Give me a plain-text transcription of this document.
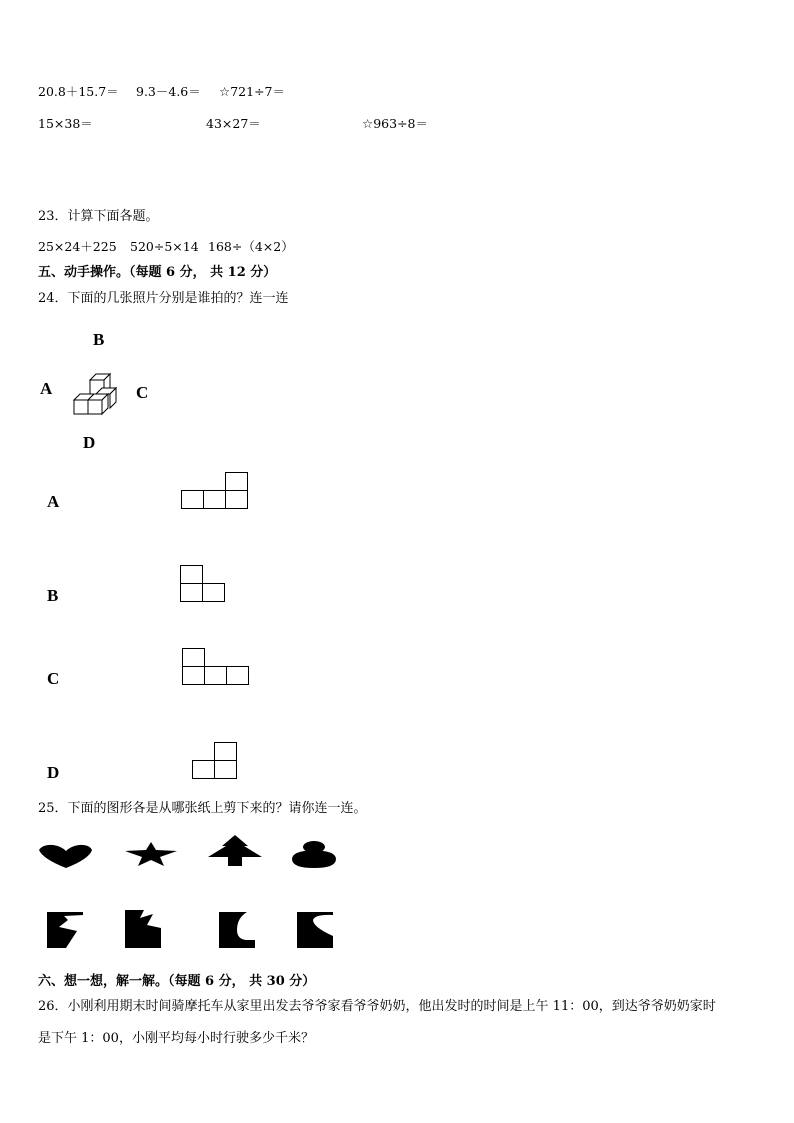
20.8＋15.7＝ 9.3－4.6＝ ☆721÷7＝
15×38＝	43×27＝	☆963÷8＝
23．计算下面各题。
25×24＋225 520÷5×14 168÷（4×2）
五、动手操作。（每题 6 分， 共 12 分）
24．下面的几张照片分别是谁拍的？连一连
B
A	C
D
A
B
C
D
25．下面的图形各是从哪张纸上剪下来的？请你连一连。
六、想一想，解一解。（每题 6 分， 共 30 分）
26．小刚利用期末时间骑摩托车从家里出发去爷爷家看爷爷奶奶，他出发时的时间是上午 11：00，到达爷爷奶奶家时
是下午 1：00，小刚平均每小时行驶多少千米？
